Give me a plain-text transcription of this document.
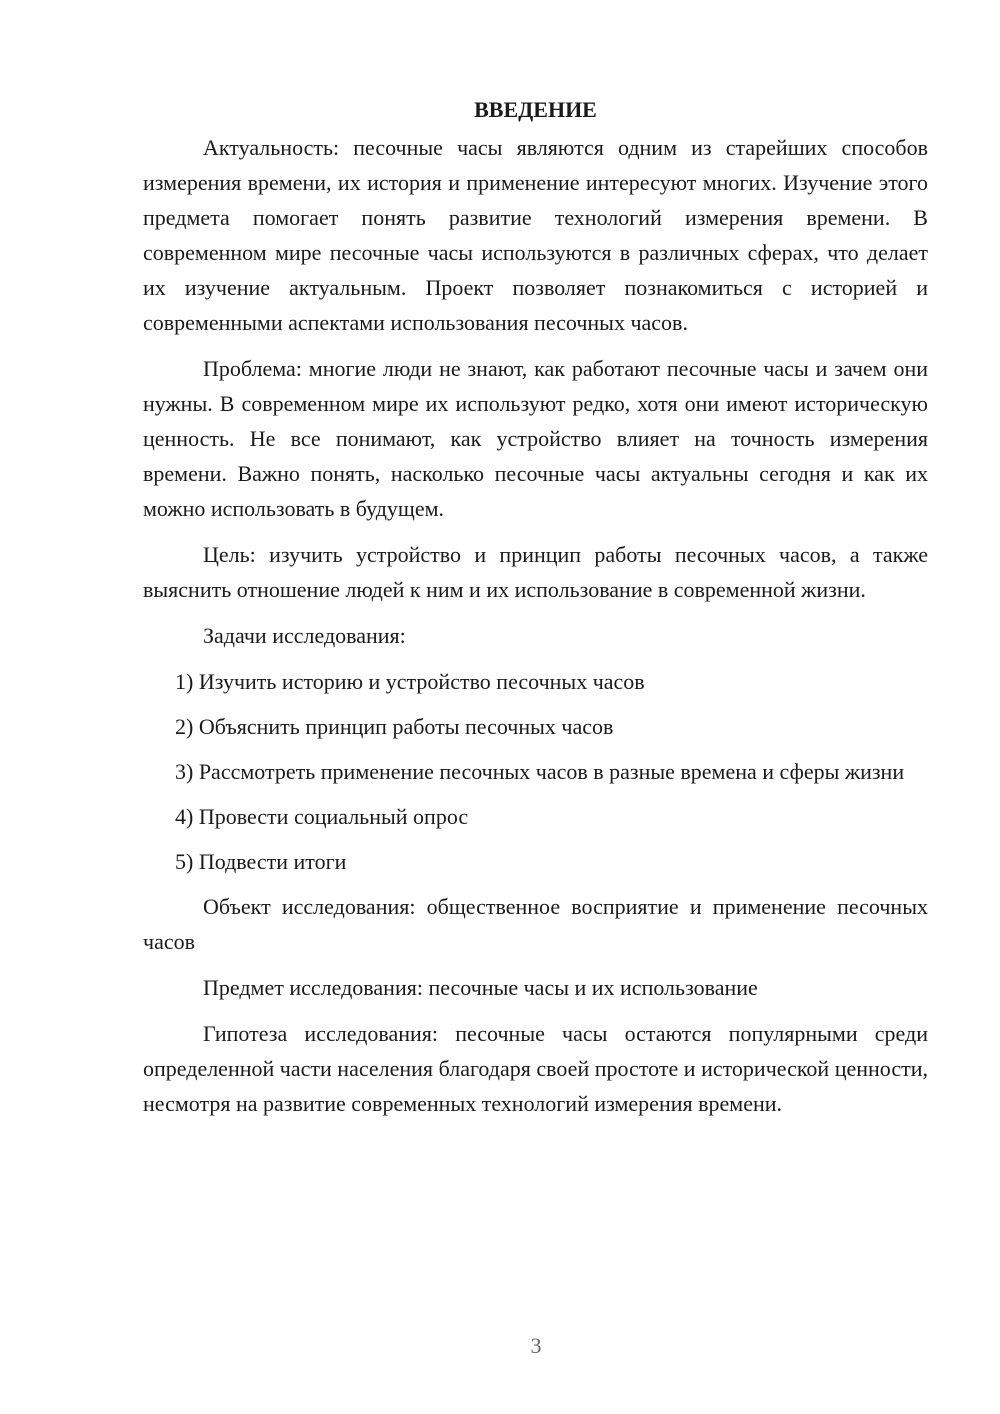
ВВЕДЕНИЕ

Актуальность: песочные часы являются одним из старейших способов измерения времени, их история и применение интересуют многих. Изучение этого предмета помогает понять развитие технологий измерения времени. В современном мире песочные часы используются в различных сферах, что делает их изучение актуальным. Проект позволяет познакомиться с историей и современными аспектами использования песочных часов.

Проблема: многие люди не знают, как работают песочные часы и зачем они нужны. В современном мире их используют редко, хотя они имеют историческую ценность. Не все понимают, как устройство влияет на точность измерения времени. Важно понять, насколько песочные часы актуальны сегодня и как их можно использовать в будущем.

Цель: изучить устройство и принцип работы песочных часов, а также выяснить отношение людей к ним и их использование в современной жизни.

Задачи исследования:

1) Изучить историю и устройство песочных часов

2) Объяснить принцип работы песочных часов

3) Рассмотреть применение песочных часов в разные времена и сферы жизни

4) Провести социальный опрос

5) Подвести итоги

Объект исследования: общественное восприятие и применение песочных часов

Предмет исследования: песочные часы и их использование

Гипотеза исследования: песочные часы остаются популярными среди определенной части населения благодаря своей простоте и исторической ценности, несмотря на развитие современных технологий измерения времени.

3
